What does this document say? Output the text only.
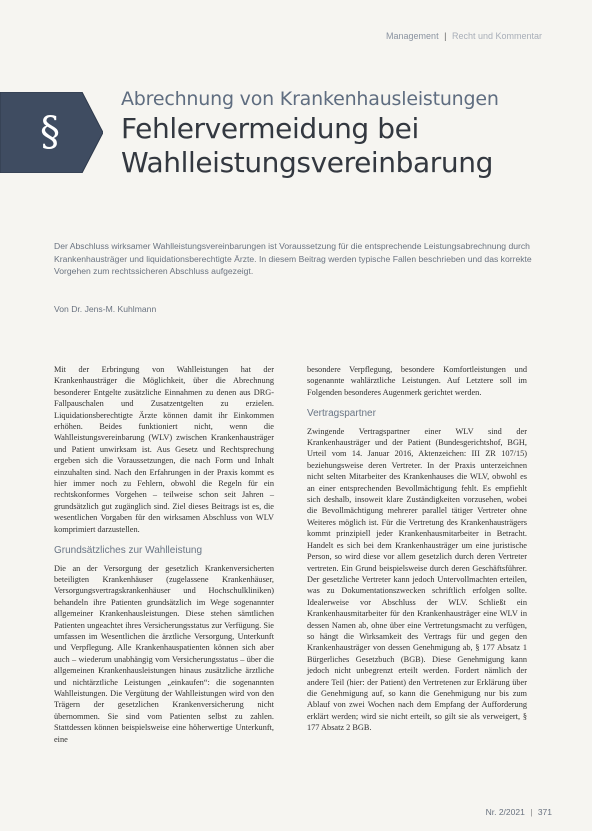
Management | Recht und Kommentar
§
Abrechnung von Krankenhausleistungen
Fehlervermeidung bei Wahlleistungsvereinbarung
Der Abschluss wirksamer Wahlleistungsvereinbarungen ist Voraussetzung für die entsprechende Leistungsabrechnung durch Krankenhausträger und liquidationsberechtigte Ärzte. In diesem Beitrag werden typische Fallen beschrieben und das korrekte Vorgehen zum rechtssicheren Abschluss aufgezeigt.
Von Dr. Jens-M. Kuhlmann

Mit der Erbringung von Wahlleistungen hat der Krankenhausträger die Möglichkeit, über die Abrechnung besonderer Entgelte zusätzliche Einnahmen zu denen aus DRG-Fallpauschalen und Zusatzentgelten zu erzielen. Liquidationsberechtigte Ärzte können damit ihr Einkommen erhöhen. Beides funktioniert nicht, wenn die Wahlleistungsvereinbarung (WLV) zwischen Krankenhausträger und Patient unwirksam ist. Aus Gesetz und Rechtsprechung ergeben sich die Voraussetzungen, die nach Form und Inhalt einzuhalten sind. Nach den Erfahrungen in der Praxis kommt es hier immer noch zu Fehlern, obwohl die Regeln für ein rechtskonformes Vorgehen – teilweise schon seit Jahren – grundsätzlich gut zugänglich sind. Ziel dieses Beitrags ist es, die wesentlichen Vorgaben für den wirksamen Abschluss von WLV komprimiert darzustellen.

Grundsätzliches zur Wahlleistung

Die an der Versorgung der gesetzlich Krankenversicherten beteiligten Krankenhäuser (zugelassene Krankenhäuser, Versorgungsvertragskrankenhäuser und Hochschulkliniken) behandeln ihre Patienten grundsätzlich im Wege sogenannter allgemeiner Krankenhausleistungen. Diese stehen sämtlichen Patienten ungeachtet ihres Versicherungsstatus zur Verfügung. Sie umfassen im Wesentlichen die ärztliche Versorgung, Unterkunft und Verpflegung. Alle Krankenhauspatienten können sich aber auch – wiederum unabhängig vom Versicherungsstatus – über die allgemeinen Krankenhausleistungen hinaus zusätzliche ärztliche und nichtärztliche Leistungen „einkaufen“: die sogenannten Wahlleistungen. Die Vergütung der Wahlleistungen wird von den Trägern der gesetzlichen Krankenversicherung nicht übernommen. Sie sind vom Patienten selbst zu zahlen. Stattdessen können beispielsweise eine höherwertige Unterkunft, eine

besondere Verpflegung, besondere Komfortleistungen und sogenannte wahlärztliche Leistungen. Auf Letztere soll im Folgenden besonderes Augenmerk gerichtet werden.

Vertragspartner

Zwingende Vertragspartner einer WLV sind der Krankenhausträger und der Patient (Bundesgerichtshof, BGH, Urteil vom 14. Januar 2016, Aktenzeichen: III ZR 107/15) beziehungsweise deren Vertreter. In der Praxis unterzeichnen nicht selten Mitarbeiter des Krankenhauses die WLV, obwohl es an einer entsprechenden Bevollmächtigung fehlt. Es empfiehlt sich deshalb, insoweit klare Zuständigkeiten vorzusehen, wobei die Bevollmächtigung mehrerer parallel tätiger Vertreter ohne Weiteres möglich ist. Für die Vertretung des Krankenhausträgers kommt prinzipiell jeder Krankenhausmitarbeiter in Betracht. Handelt es sich bei dem Krankenhausträger um eine juristische Person, so wird diese vor allem gesetzlich durch deren Vertreter vertreten. Ein Grund beispielsweise durch deren Geschäftsführer. Der gesetzliche Vertreter kann jedoch Untervollmachten erteilen, was zu Dokumentationszwecken schriftlich erfolgen sollte. Idealerweise vor Abschluss der WLV. Schließt ein Krankenhausmitarbeiter für den Krankenhausträger eine WLV in dessen Namen ab, ohne über eine Vertretungsmacht zu verfügen, so hängt die Wirksamkeit des Vertrags für und gegen den Krankenhausträger von dessen Genehmigung ab, § 177 Absatz 1 Bürgerliches Gesetzbuch (BGB). Diese Genehmigung kann jedoch nicht unbegrenzt erteilt werden. Fordert nämlich der andere Teil (hier: der Patient) den Vertretenen zur Erklärung über die Genehmigung auf, so kann die Genehmigung nur bis zum Ablauf von zwei Wochen nach dem Empfang der Aufforderung erklärt werden; wird sie nicht erteilt, so gilt sie als verweigert, § 177 Absatz 2 BGB.

Nr. 2/2021 | 371
